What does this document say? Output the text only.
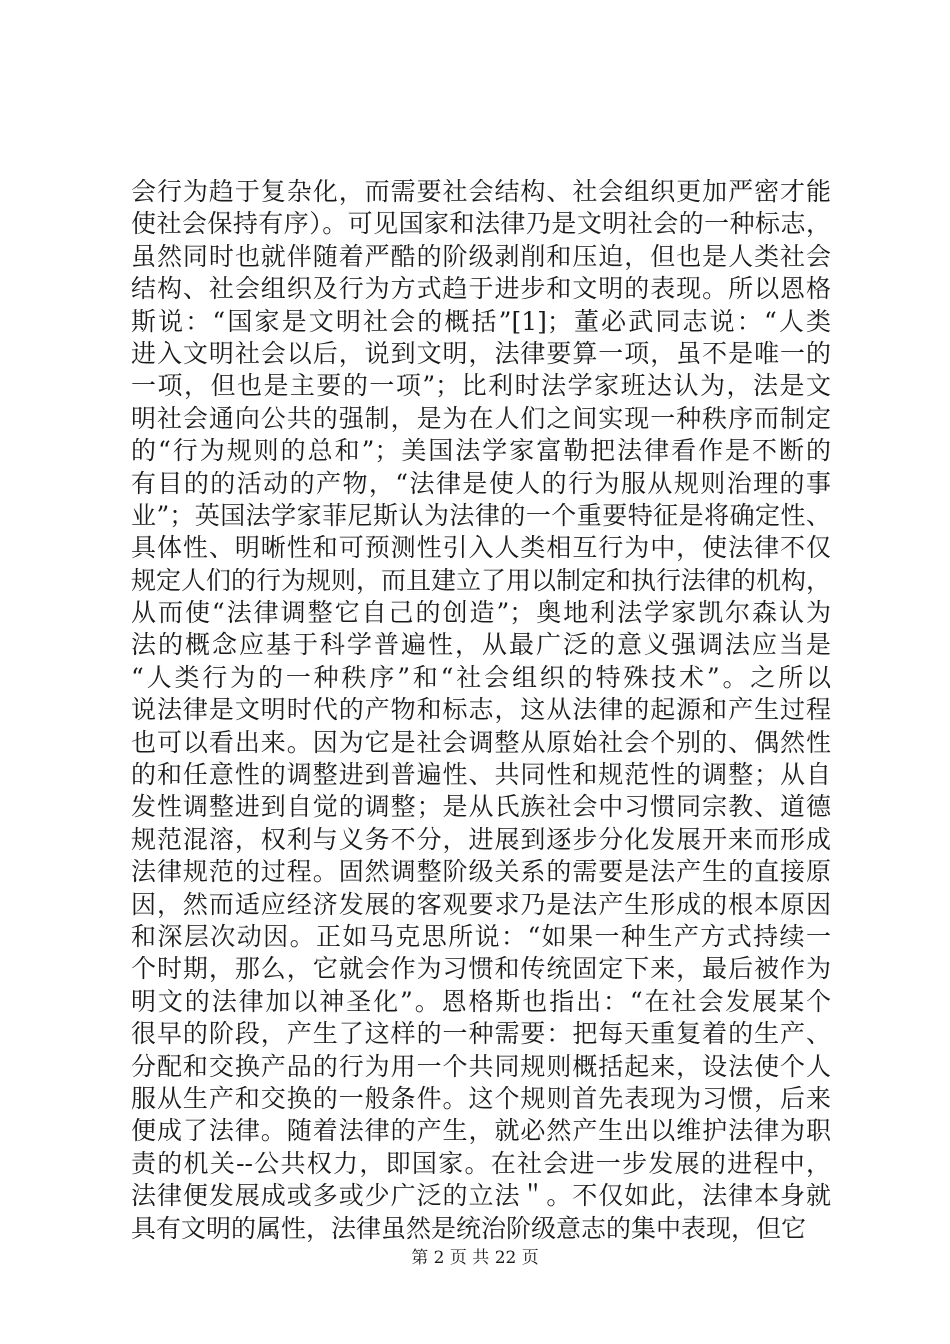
会行为趋于复杂化，而需要社会结构、社会组织更加严密才能
使社会保持有序）。可见国家和法律乃是文明社会的一种标志，
虽然同时也就伴随着严酷的阶级剥削和压迫，但也是人类社会
结构、社会组织及行为方式趋于进步和文明的表现。所以恩格
斯说：“国家是文明社会的概括”[1]；董必武同志说：“人类
进入文明社会以后，说到文明，法律要算一项，虽不是唯一的
一项，但也是主要的一项”；比利时法学家班达认为，法是文
明社会通向公共的强制，是为在人们之间实现一种秩序而制定
的“行为规则的总和”；美国法学家富勒把法律看作是不断的
有目的的活动的产物，“法律是使人的行为服从规则治理的事
业”；英国法学家菲尼斯认为法律的一个重要特征是将确定性、
具体性、明晰性和可预测性引入人类相互行为中，使法律不仅
规定人们的行为规则，而且建立了用以制定和执行法律的机构，
从而使“法律调整它自己的创造”；奥地利法学家凯尔森认为
法的概念应基于科学普遍性，从最广泛的意义强调法应当是
“人类行为的一种秩序”和“社会组织的特殊技术”。之所以
说法律是文明时代的产物和标志，这从法律的起源和产生过程
也可以看出来。因为它是社会调整从原始社会个别的、偶然性
的和任意性的调整进到普遍性、共同性和规范性的调整；从自
发性调整进到自觉的调整；是从氏族社会中习惯同宗教、道德
规范混溶，权利与义务不分，进展到逐步分化发展开来而形成
法律规范的过程。固然调整阶级关系的需要是法产生的直接原
因，然而适应经济发展的客观要求乃是法产生形成的根本原因
和深层次动因。正如马克思所说：“如果一种生产方式持续一
个时期，那么，它就会作为习惯和传统固定下来，最后被作为
明文的法律加以神圣化”。恩格斯也指出：“在社会发展某个
很早的阶段，产生了这样的一种需要：把每天重复着的生产、
分配和交换产品的行为用一个共同规则概括起来，设法使个人
服从生产和交换的一般条件。这个规则首先表现为习惯，后来
便成了法律。随着法律的产生，就必然产生出以维护法律为职
责的机关--公共权力，即国家。在社会进一步发展的进程中，
法律便发展成或多或少广泛的立法＂。不仅如此，法律本身就
具有文明的属性，法律虽然是统治阶级意志的集中表现，但它
第 2 页 共 22 页
